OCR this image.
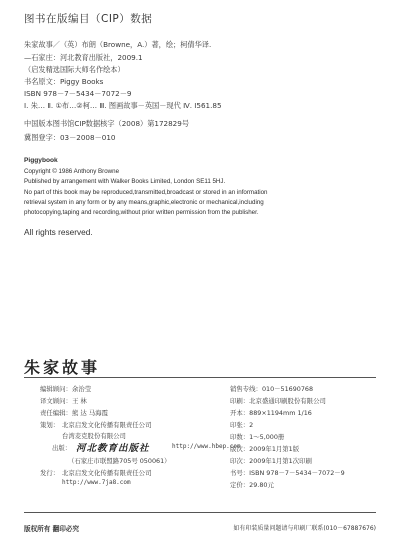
图书在版编目（CIP）数据
朱家故事／（英）布朗（Browne，A.）著，绘；柯倩华译.
—石家庄：河北教育出版社，2009.1
（启发精选国际大师名作绘本）
书名原文：Piggy Books
ISBN 978－7－5434－7072－9
Ⅰ. 朱… Ⅱ. ①布…②柯… Ⅲ. 图画故事－英国－现代 Ⅳ. I561.85
中国版本图书馆CIP数据核字（2008）第172829号
冀图登字：03－2008－010
Piggybook
Copyright © 1986 Anthony Browne
Published by arrangement with Walker Books Limited, London SE11 5HJ.
No part of this book may be reproduced,transmitted,broadcast or stored in an information
retrieval system in any form or by any means,graphic,electronic or mechanical,including
photocopying,taping and recording,without prior written permission from the publisher.
All rights reserved.
朱家故事
编辑顾问：余治莹
译文顾问：王 林
责任编辑：熊 达 马海霞
策划： 北京启发文化传播有限责任公司
台湾麦克股份有限公司
出版： 河北教育出版社	http://www.hbep.com
（石家庄市联盟路705号 050061）
发行： 北京启发文化传播有限责任公司
http://www.7ja8.com
销售专线：010－51690768
印刷：北京盛通印刷股份有限公司
开本：889×1194mm 1/16
印张：2
印数：1～5,000册
版次：2009年1月第1版
印次：2009年1月第1次印刷
书号：ISBN 978－7－5434－7072－9
定价：29.80元
版权所有 翻印必究	如有印装质量问题请与印刷厂联系(010－67887676)
